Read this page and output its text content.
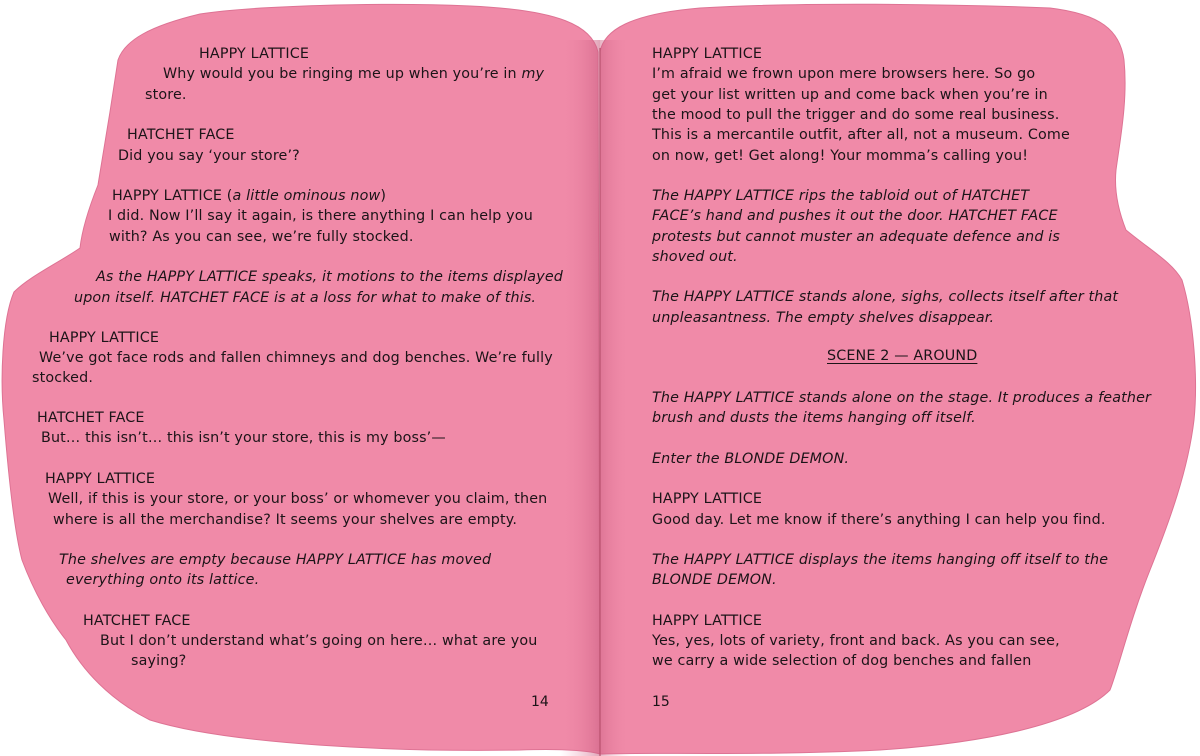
HAPPY LATTICE
Why would you be ringing me up when you’re in my
store.
HATCHET FACE
Did you say ‘your store’?
HAPPY LATTICE (a little ominous now)
I did. Now I’ll say it again, is there anything I can help you
with? As you can see, we’re fully stocked.
As the HAPPY LATTICE speaks, it motions to the items displayed
upon itself. HATCHET FACE is at a loss for what to make of this.
HAPPY LATTICE
We’ve got face rods and fallen chimneys and dog benches. We’re fully
stocked.
HATCHET FACE
But… this isn’t… this isn’t your store, this is my boss’—
HAPPY LATTICE
Well, if this is your store, or your boss’ or whomever you claim, then
where is all the merchandise? It seems your shelves are empty.
The shelves are empty because HAPPY LATTICE has moved
everything onto its lattice.
HATCHET FACE
But I don’t understand what’s going on here… what are you
saying?
HAPPY LATTICE
I’m afraid we frown upon mere browsers here. So go
get your list written up and come back when you’re in
the mood to pull the trigger and do some real business.
This is a mercantile outfit, after all, not a museum. Come
on now, get! Get along! Your momma’s calling you!
The HAPPY LATTICE rips the tabloid out of HATCHET
FACE’s hand and pushes it out the door. HATCHET FACE
protests but cannot muster an adequate defence and is
shoved out.
The HAPPY LATTICE stands alone, sighs, collects itself after that
unpleasantness. The empty shelves disappear.
SCENE 2 — AROUND
The HAPPY LATTICE stands alone on the stage. It produces a feather
brush and dusts the items hanging off itself.
Enter the BLONDE DEMON.
HAPPY LATTICE
Good day. Let me know if there’s anything I can help you find.
The HAPPY LATTICE displays the items hanging off itself to the
BLONDE DEMON.
HAPPY LATTICE
Yes, yes, lots of variety, front and back. As you can see,
we carry a wide selection of dog benches and fallen
14	15
